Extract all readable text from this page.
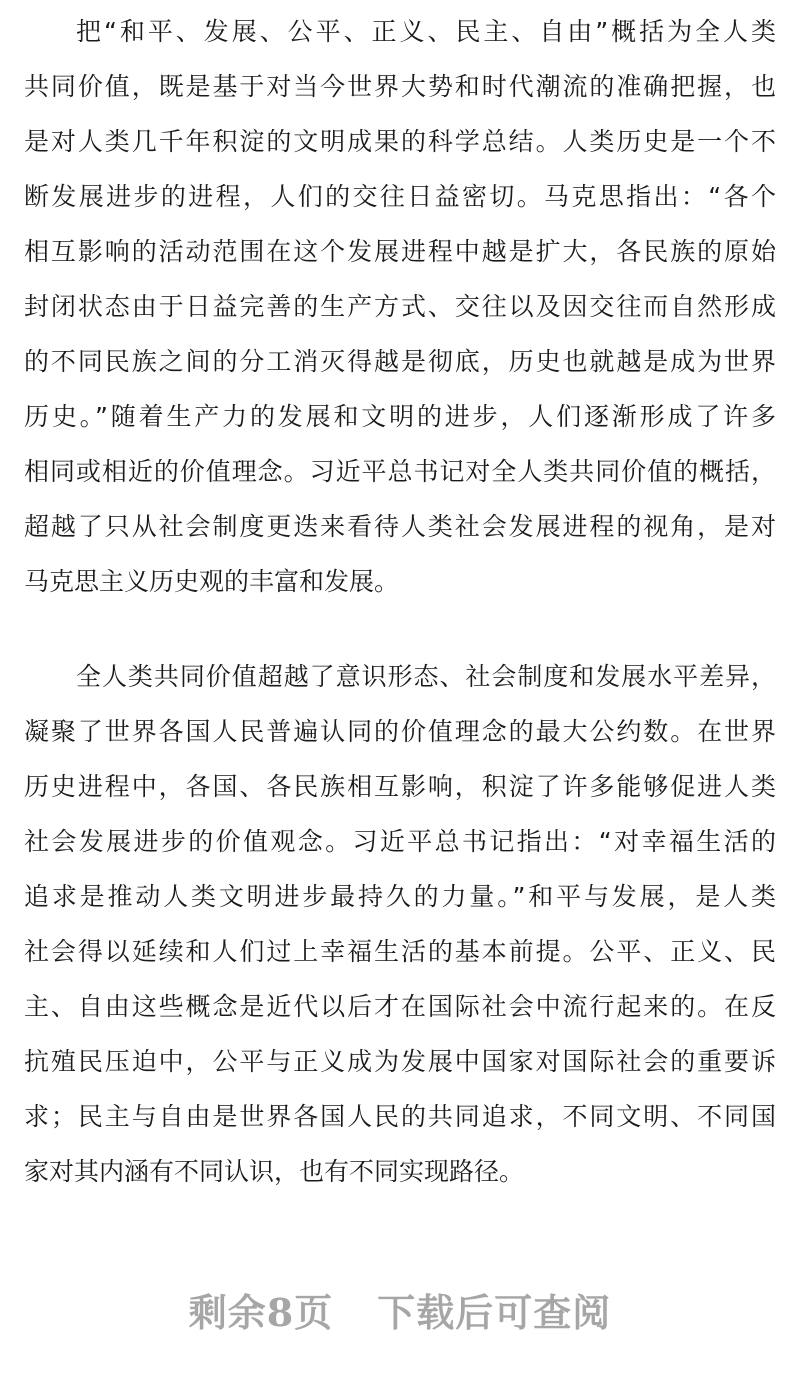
把“和平、发展、公平、正义、民主、自由”概括为全人类
共同价值，既是基于对当今世界大势和时代潮流的准确把握，也
是对人类几千年积淀的文明成果的科学总结。人类历史是一个不
断发展进步的进程，人们的交往日益密切。马克思指出：“各个
相互影响的活动范围在这个发展进程中越是扩大，各民族的原始
封闭状态由于日益完善的生产方式、交往以及因交往而自然形成
的不同民族之间的分工消灭得越是彻底，历史也就越是成为世界
历史。”随着生产力的发展和文明的进步，人们逐渐形成了许多
相同或相近的价值理念。习近平总书记对全人类共同价值的概括，
超越了只从社会制度更迭来看待人类社会发展进程的视角，是对
马克思主义历史观的丰富和发展。
全人类共同价值超越了意识形态、社会制度和发展水平差异，
凝聚了世界各国人民普遍认同的价值理念的最大公约数。在世界
历史进程中，各国、各民族相互影响，积淀了许多能够促进人类
社会发展进步的价值观念。习近平总书记指出：“对幸福生活的
追求是推动人类文明进步最持久的力量。”和平与发展，是人类
社会得以延续和人们过上幸福生活的基本前提。公平、正义、民
主、自由这些概念是近代以后才在国际社会中流行起来的。在反
抗殖民压迫中，公平与正义成为发展中国家对国际社会的重要诉
求；民主与自由是世界各国人民的共同追求，不同文明、不同国
家对其内涵有不同认识，也有不同实现路径。
剩余8页 下载后可查阅
